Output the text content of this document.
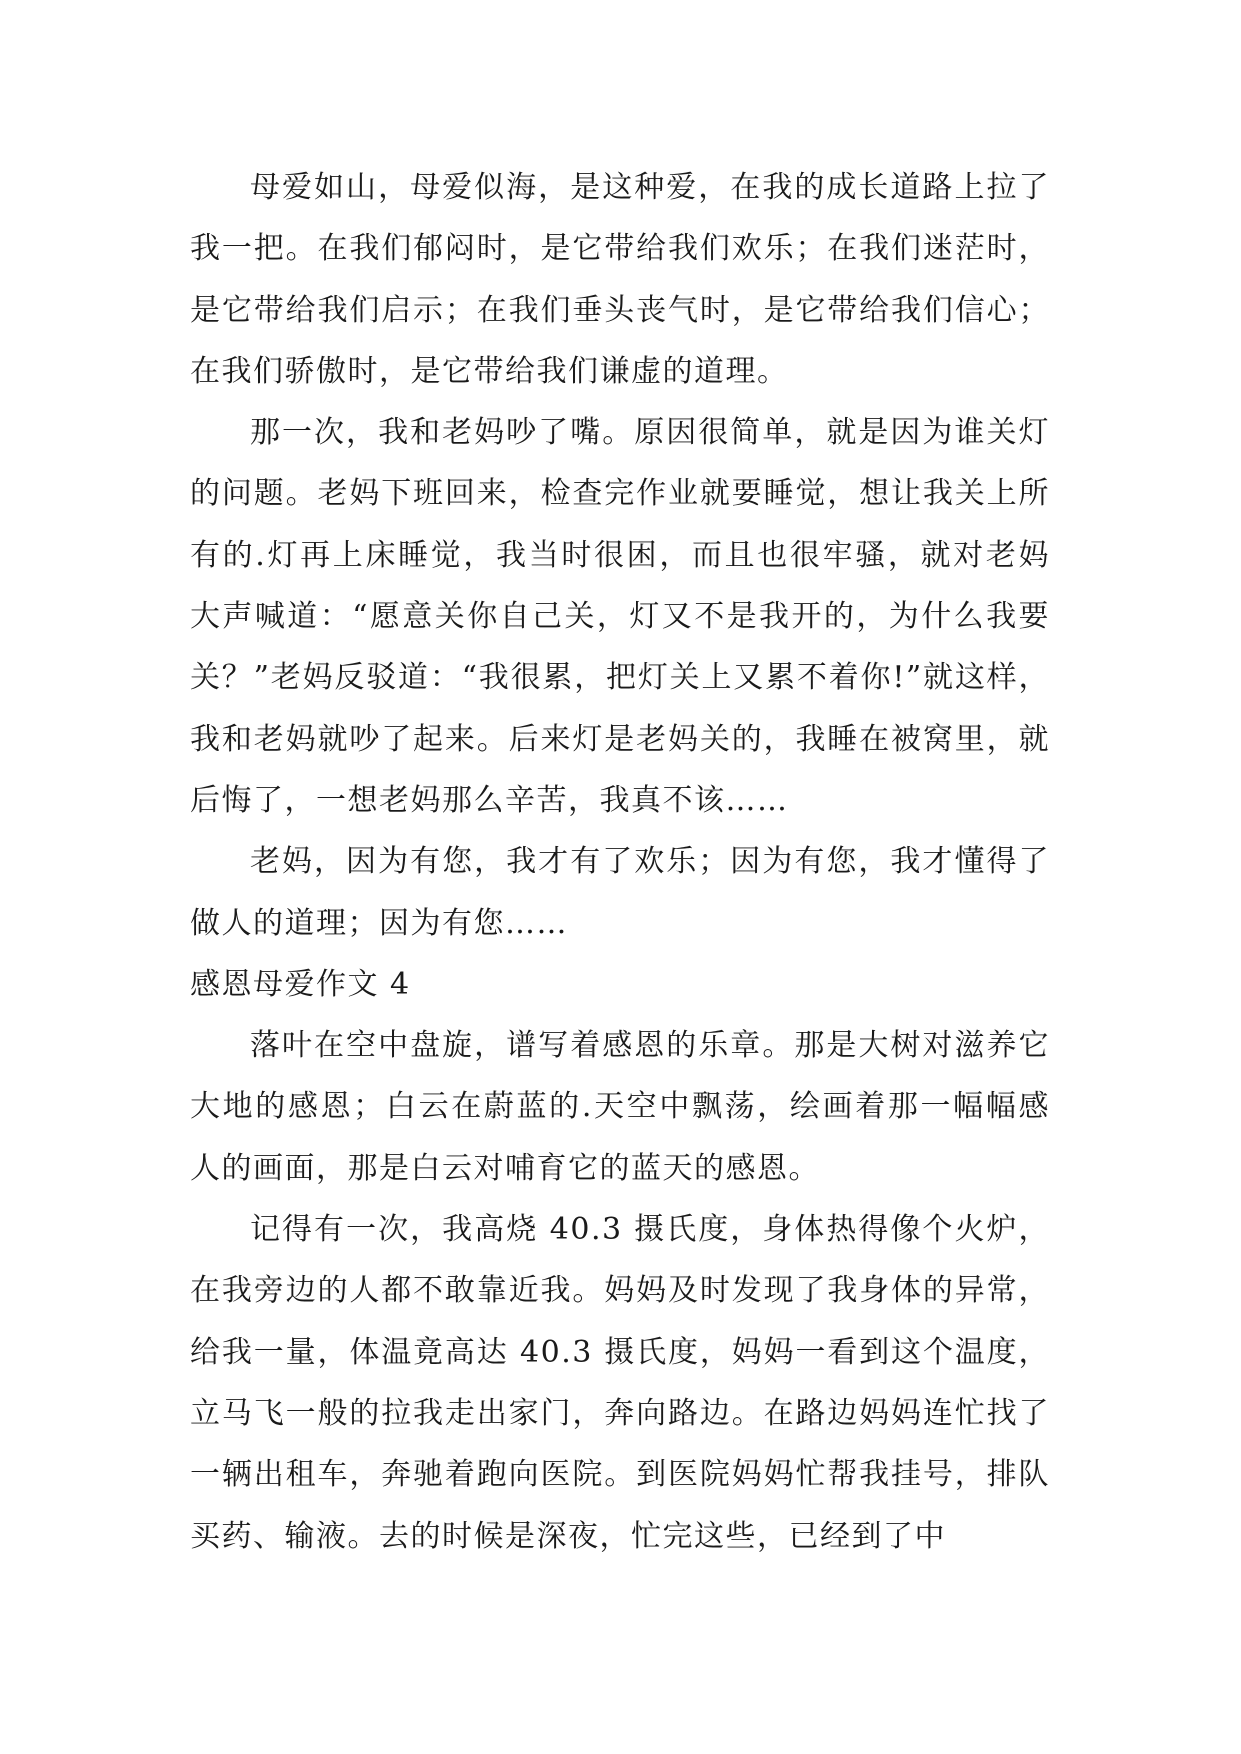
母爱如山，母爱似海，是这种爱，在我的成长道路上拉了我一把。在我们郁闷时，是它带给我们欢乐；在我们迷茫时，是它带给我们启示；在我们垂头丧气时，是它带给我们信心；在我们骄傲时，是它带给我们谦虚的道理。

那一次，我和老妈吵了嘴。原因很简单，就是因为谁关灯的问题。老妈下班回来，检查完作业就要睡觉，想让我关上所有的.灯再上床睡觉，我当时很困，而且也很牢骚，就对老妈大声喊道：“愿意关你自己关，灯又不是我开的，为什么我要关？”老妈反驳道：“我很累，把灯关上又累不着你!”就这样，我和老妈就吵了起来。后来灯是老妈关的，我睡在被窝里，就后悔了，一想老妈那么辛苦，我真不该……

老妈，因为有您，我才有了欢乐；因为有您，我才懂得了做人的道理；因为有您……

感恩母爱作文 4

落叶在空中盘旋，谱写着感恩的乐章。那是大树对滋养它大地的感恩；白云在蔚蓝的.天空中飘荡，绘画着那一幅幅感人的画面，那是白云对哺育它的蓝天的感恩。

记得有一次，我高烧 40.3 摄氏度，身体热得像个火炉，在我旁边的人都不敢靠近我。妈妈及时发现了我身体的异常，给我一量，体温竟高达 40.3 摄氏度，妈妈一看到这个温度，立马飞一般的拉我走出家门，奔向路边。在路边妈妈连忙找了一辆出租车，奔驰着跑向医院。到医院妈妈忙帮我挂号，排队买药、输液。去的时候是深夜，忙完这些，已经到了中
